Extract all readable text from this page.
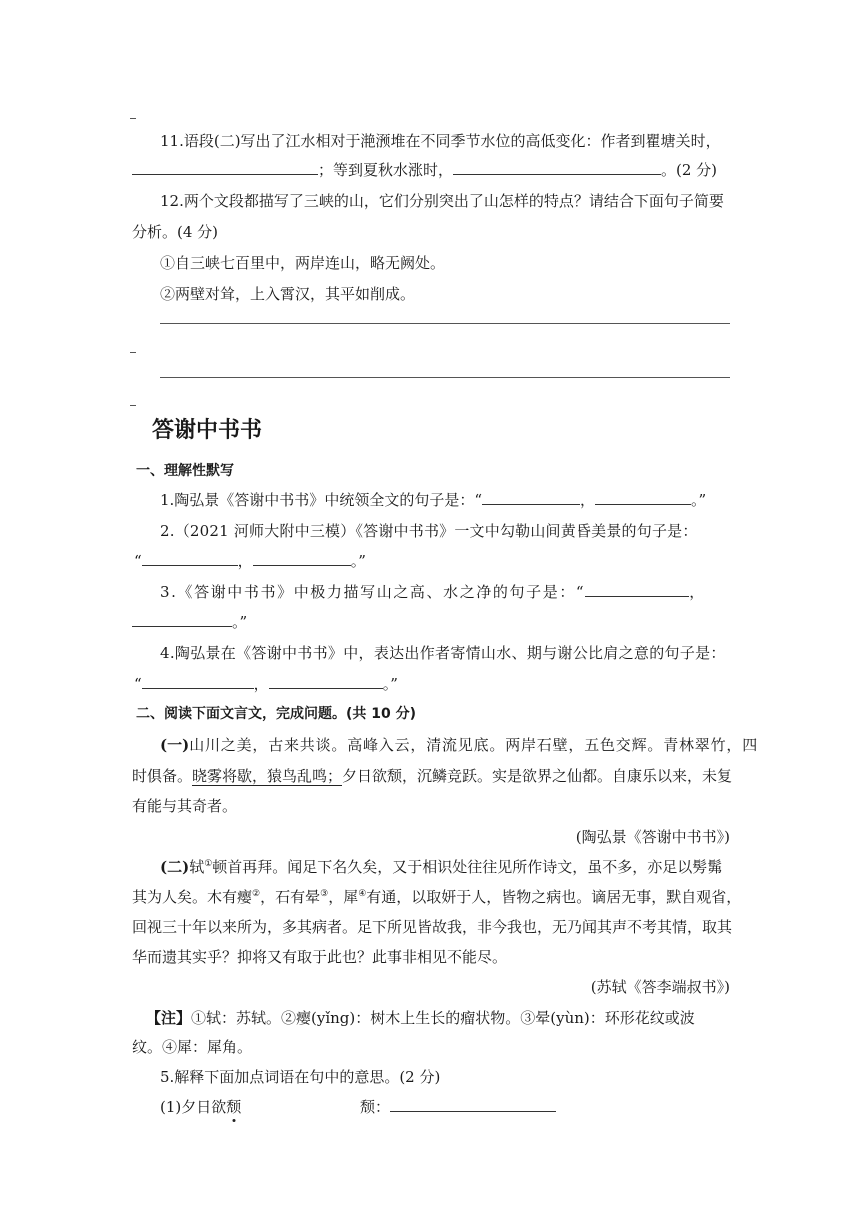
11.语段(二)写出了江水相对于滟滪堆在不同季节水位的高低变化：作者到瞿塘关时，
；等到夏秋水涨时，	。(2 分)
12.两个文段都描写了三峡的山，它们分别突出了山怎样的特点？请结合下面句子简要
分析。(4 分)
①自三峡七百里中，两岸连山，略无阙处。
②两壁对耸，上入霄汉，其平如削成。
答谢中书书
一、理解性默写
1.陶弘景《答谢中书书》中统领全文的句子是：“	，	。”
2.（2021 河师大附中三模）《答谢中书书》一文中勾勒山间黄昏美景的句子是：
“	，	。”
3.《答谢中书书》中极力描写山之高、水之净的句子是：“	，
。”
4.陶弘景在《答谢中书书》中，表达出作者寄情山水、期与谢公比肩之意的句子是：
“	，	。”
二、阅读下面文言文，完成问题。(共 10 分)
(一)山川之美，古来共谈。高峰入云，清流见底。两岸石壁，五色交辉。青林翠竹，四
时俱备。晓雾将歇，猿鸟乱鸣；夕日欲颓，沉鳞竞跃。实是欲界之仙都。自康乐以来，未复
有能与其奇者。
(陶弘景《答谢中书书》)
(二)轼①顿首再拜。闻足下名久矣，又于相识处往往见所作诗文，虽不多，亦足以髣髴
其为人矣。木有瘿②，石有晕③，犀④有通，以取妍于人，皆物之病也。谪居无事，默自观省，
回视三十年以来所为，多其病者。足下所见皆故我，非今我也，无乃闻其声不考其情，取其
华而遗其实乎？抑将又有取于此也？此事非相见不能尽。
(苏轼《答李端叔书》)
【注】①轼：苏轼。②瘿(yǐng)：树木上生长的瘤状物。③晕(yùn)：环形花纹或波
纹。④犀：犀角。
5.解释下面加点词语在句中的意思。(2 分)
(1)夕日欲颓	颓：
